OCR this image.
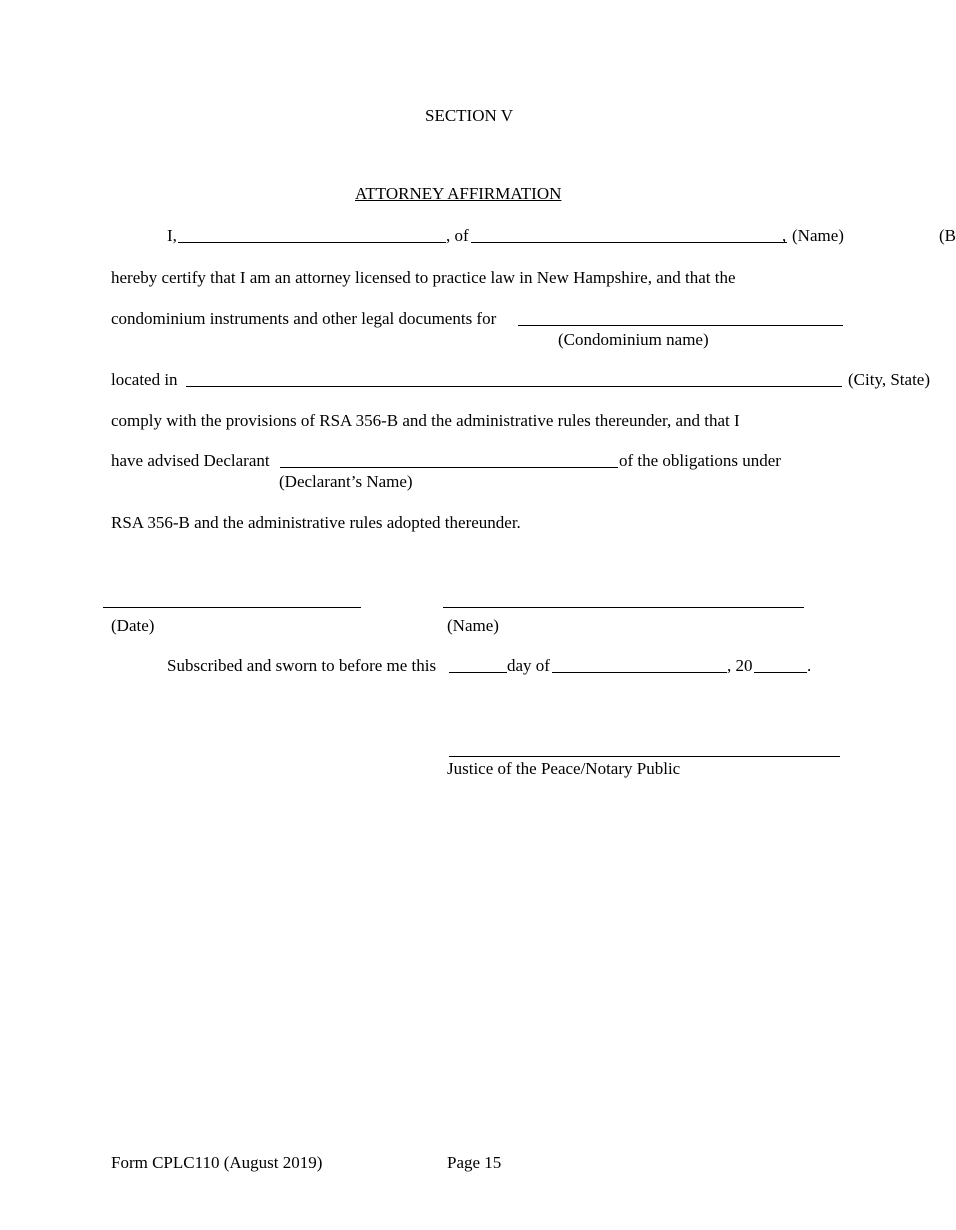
SECTION V
ATTORNEY AFFIRMATION
I,	, of	, (Name)	(B
hereby certify that I am an attorney licensed to practice law in New Hampshire, and that the
condominium instruments and other legal documents for
(Condominium name)
located in	(City, State)
comply with the provisions of RSA 356-B and the administrative rules thereunder, and that I
have advised Declarant	of the obligations under
(Declarant’s Name)
RSA 356-B and the administrative rules adopted thereunder.
(Date)	(Name)
Subscribed and sworn to before me this	day of	, 20	.
Justice of the Peace/Notary Public
Form CPLC110 (August 2019)	Page 15
